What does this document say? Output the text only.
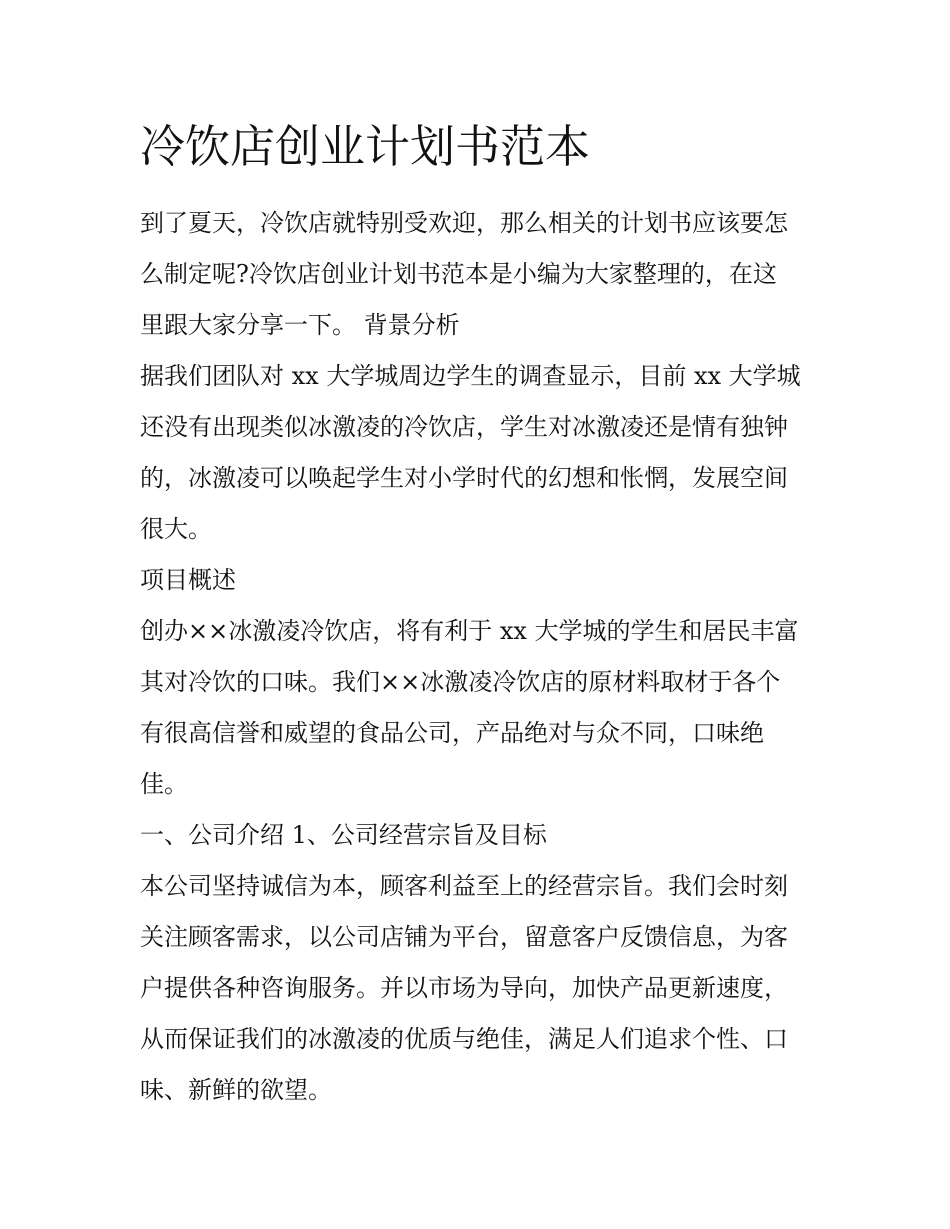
冷饮店创业计划书范本

到了夏天，冷饮店就特别受欢迎，那么相关的计划书应该要怎

么制定呢?冷饮店创业计划书范本是小编为大家整理的，在这

里跟大家分享一下。 背景分析

据我们团队对 xx 大学城周边学生的调查显示，目前 xx 大学城

还没有出现类似冰激凌的冷饮店，学生对冰激凌还是情有独钟

的，冰激凌可以唤起学生对小学时代的幻想和怅惘，发展空间

很大。

项目概述

创办××冰激凌冷饮店，将有利于 xx 大学城的学生和居民丰富

其对冷饮的口味。我们××冰激凌冷饮店的原材料取材于各个

有很高信誉和威望的食品公司，产品绝对与众不同，口味绝

佳。

一、公司介绍 1、公司经营宗旨及目标

本公司坚持诚信为本，顾客利益至上的经营宗旨。我们会时刻

关注顾客需求，以公司店铺为平台，留意客户反馈信息，为客

户提供各种咨询服务。并以市场为导向，加快产品更新速度，

从而保证我们的冰激凌的优质与绝佳，满足人们追求个性、口

味、新鲜的欲望。
